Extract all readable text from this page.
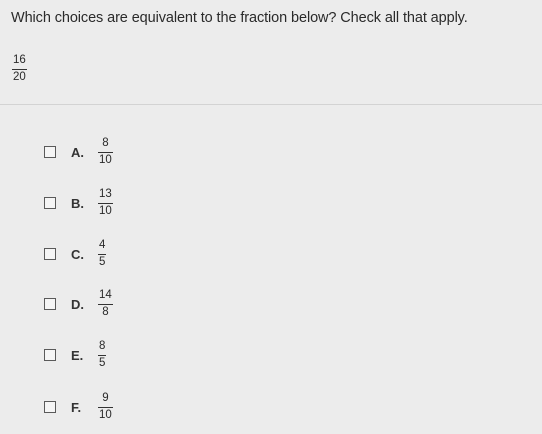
Which choices are equivalent to the fraction below? Check all that apply.
16
20
A.	$\frac{8}{10}$
B.	$\frac{13}{10}$
C.	$\frac{4}{5}$
D.	$\frac{14}{8}$
E.	$\frac{8}{5}$
F.	$\frac{9}{10}$
